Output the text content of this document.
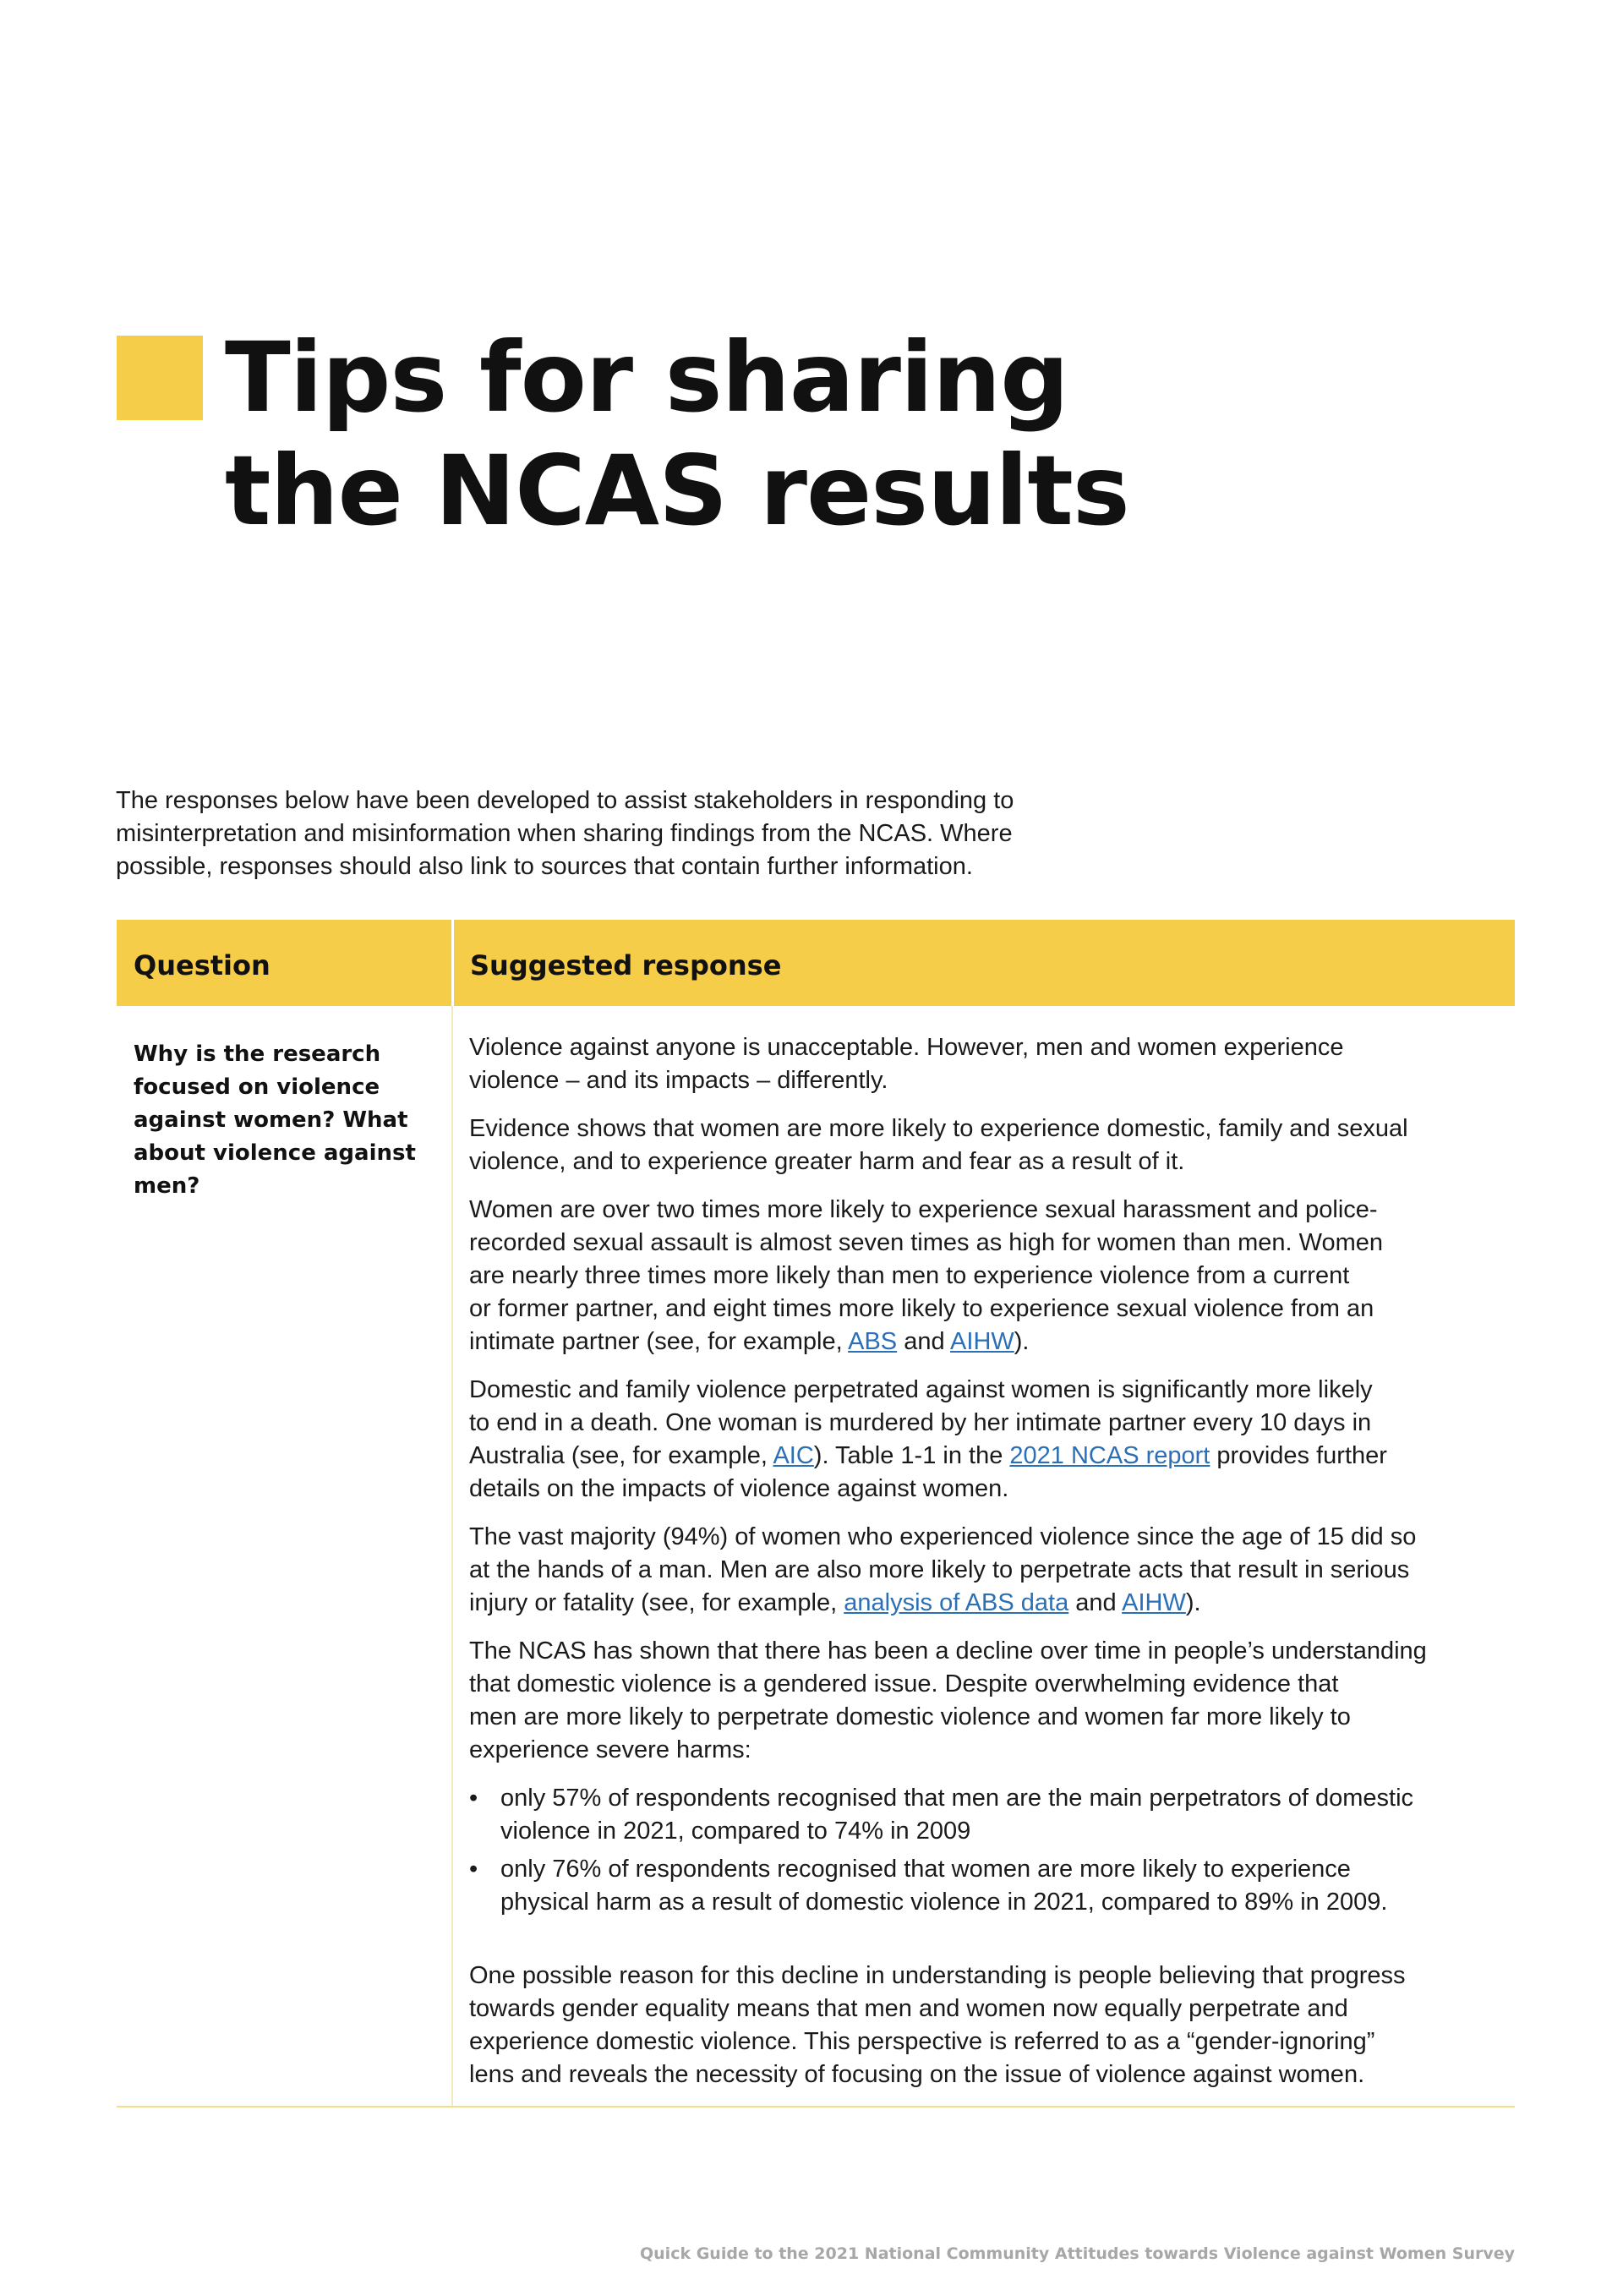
Tips for sharing
the NCAS results

The responses below have been developed to assist stakeholders in responding to
misinterpretation and misinformation when sharing findings from the NCAS. Where
possible, responses should also link to sources that contain further information.

Question	Suggested response

Why is the research
focused on violence
against women? What
about violence against
men?

Violence against anyone is unacceptable. However, men and women experience
violence – and its impacts – differently.

Evidence shows that women are more likely to experience domestic, family and sexual
violence, and to experience greater harm and fear as a result of it.

Women are over two times more likely to experience sexual harassment and police-
recorded sexual assault is almost seven times as high for women than men. Women
are nearly three times more likely than men to experience violence from a current
or former partner, and eight times more likely to experience sexual violence from an
intimate partner (see, for example, ABS and AIHW).

Domestic and family violence perpetrated against women is significantly more likely
to end in a death. One woman is murdered by her intimate partner every 10 days in
Australia (see, for example, AIC). Table 1-1 in the 2021 NCAS report provides further
details on the impacts of violence against women.

The vast majority (94%) of women who experienced violence since the age of 15 did so
at the hands of a man. Men are also more likely to perpetrate acts that result in serious
injury or fatality (see, for example, analysis of ABS data and AIHW).

The NCAS has shown that there has been a decline over time in people’s understanding
that domestic violence is a gendered issue. Despite overwhelming evidence that
men are more likely to perpetrate domestic violence and women far more likely to
experience severe harms:

• only 57% of respondents recognised that men are the main perpetrators of domestic
violence in 2021, compared to 74% in 2009
• only 76% of respondents recognised that women are more likely to experience
physical harm as a result of domestic violence in 2021, compared to 89% in 2009.

One possible reason for this decline in understanding is people believing that progress
towards gender equality means that men and women now equally perpetrate and
experience domestic violence. This perspective is referred to as a “gender-ignoring”
lens and reveals the necessity of focusing on the issue of violence against women.

Quick Guide to the 2021 National Community Attitudes towards Violence against Women Survey
